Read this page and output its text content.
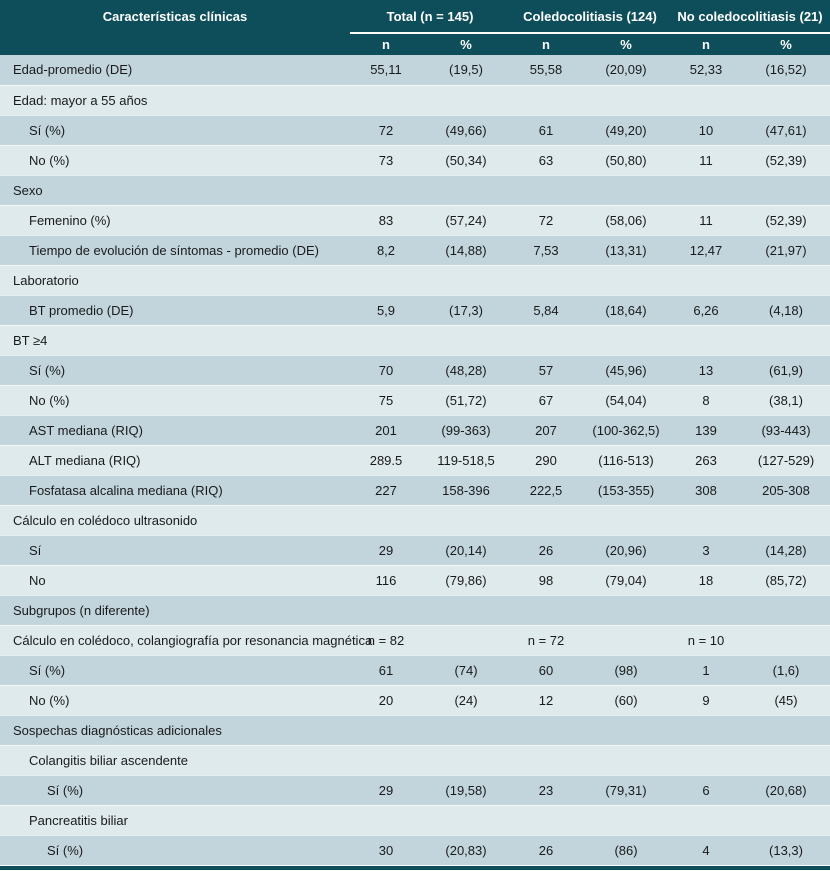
Características clínicas	Total (n = 145)		Coledocolitiasis (124)		No coledocolitiasis (21)	
	n	%	n	%	n	%
Edad-promedio (DE)	55,11	(19,5)	55,58	(20,09)	52,33	(16,52)
Edad: mayor a 55 años						
Sí (%)	72	(49,66)	61	(49,20)	10	(47,61)
No (%)	73	(50,34)	63	(50,80)	11	(52,39)
Sexo						
Femenino (%)	83	(57,24)	72	(58,06)	11	(52,39)
Tiempo de evolución de síntomas - promedio (DE)	8,2	(14,88)	7,53	(13,31)	12,47	(21,97)
Laboratorio						
BT promedio (DE)	5,9	(17,3)	5,84	(18,64)	6,26	(4,18)
BT ≥4						
Sí (%)	70	(48,28)	57	(45,96)	13	(61,9)
No (%)	75	(51,72)	67	(54,04)	8	(38,1)
AST mediana (RIQ)	201	(99-363)	207	(100-362,5)	139	(93-443)
ALT mediana (RIQ)	289.5	119-518,5	290	(116-513)	263	(127-529)
Fosfatasa alcalina mediana (RIQ)	227	158-396	222,5	(153-355)	308	205-308
Cálculo en colédoco ultrasonido						
Sí	29	(20,14)	26	(20,96)	3	(14,28)
No	116	(79,86)	98	(79,04)	18	(85,72)
Subgrupos (n diferente)						
Cálculo en colédoco, colangiografía por resonancia magnética	n = 82		n = 72		n = 10	
Sí (%)	61	(74)	60	(98)	1	(1,6)
No (%)	20	(24)	12	(60)	9	(45)
Sospechas diagnósticas adicionales						
Colangitis biliar ascendente						
Sí (%)	29	(19,58)	23	(79,31)	6	(20,68)
Pancreatitis biliar						
Sí (%)	30	(20,83)	26	(86)	4	(13,3)
